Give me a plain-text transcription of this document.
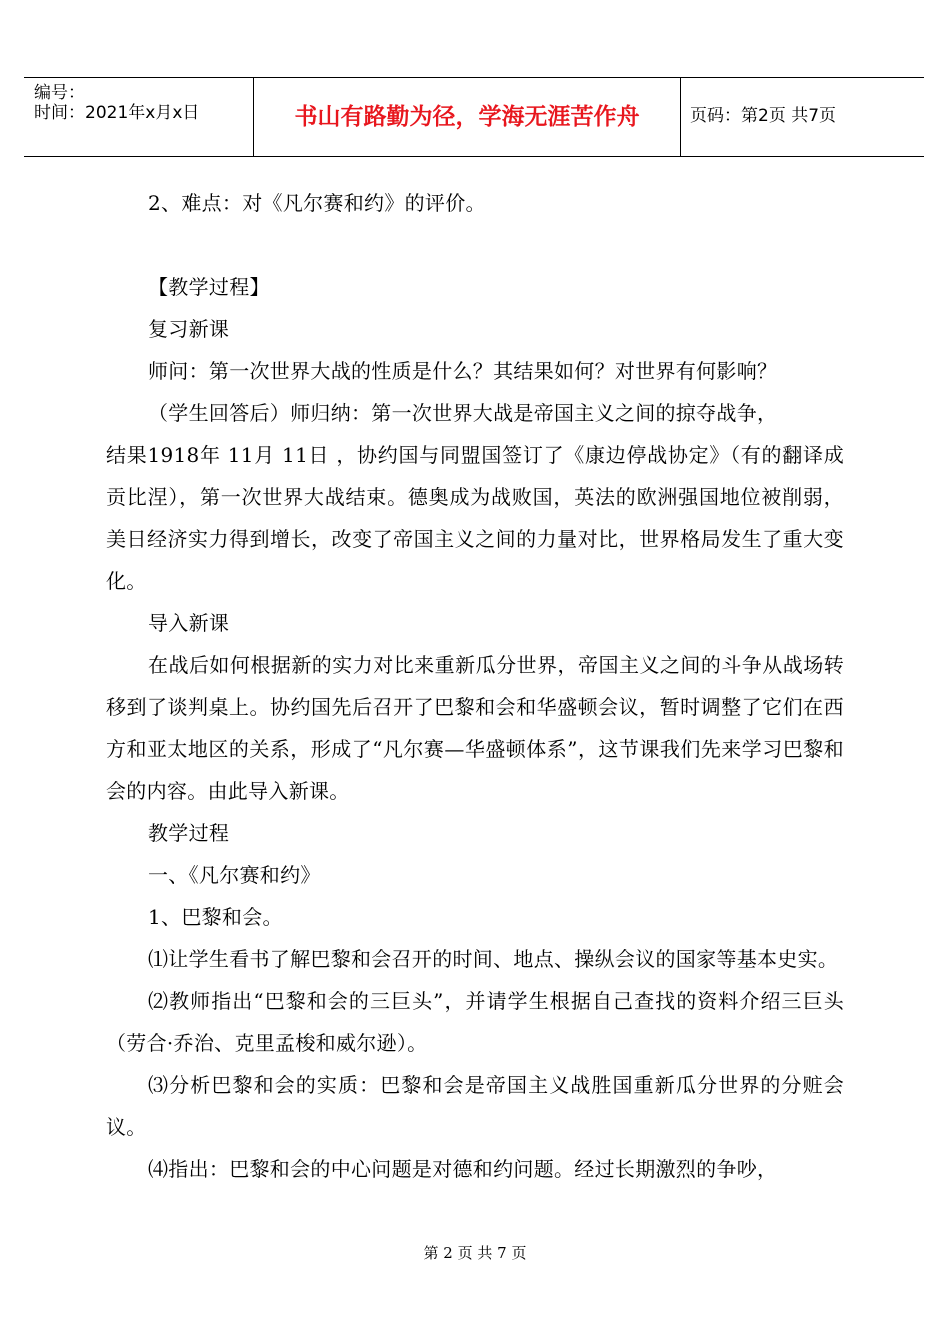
编号：
时间：2021年x月x日	书山有路勤为径，学海无涯苦作舟	页码：第2页 共7页

2、难点：对《凡尔赛和约》的评价。

【教学过程】

复习新课

师问：第一次世界大战的性质是什么？其结果如何？对世界有何影响？

（学生回答后）师归纳：第一次世界大战是帝国主义之间的掠夺战争，

结果1918年 11月 11日 ，协约国与同盟国签订了《康边停战协定》（有的翻译成贡比涅），第一次世界大战结束。德奥成为战败国，英法的欧洲强国地位被削弱，美日经济实力得到增长，改变了帝国主义之间的力量对比，世界格局发生了重大变化。

导入新课

在战后如何根据新的实力对比来重新瓜分世界，帝国主义之间的斗争从战场转移到了谈判桌上。协约国先后召开了巴黎和会和华盛顿会议，暂时调整了它们在西方和亚太地区的关系，形成了“凡尔赛—华盛顿体系”，这节课我们先来学习巴黎和会的内容。由此导入新课。

教学过程

一、《凡尔赛和约》

1、巴黎和会。

⑴让学生看书了解巴黎和会召开的时间、地点、操纵会议的国家等基本史实。

⑵教师指出“巴黎和会的三巨头”，并请学生根据自己查找的资料介绍三巨头（劳合·乔治、克里孟梭和威尔逊）。

⑶分析巴黎和会的实质：巴黎和会是帝国主义战胜国重新瓜分世界的分赃会议。

⑷指出：巴黎和会的中心问题是对德和约问题。经过长期激烈的争吵，

第 2 页 共 7 页
